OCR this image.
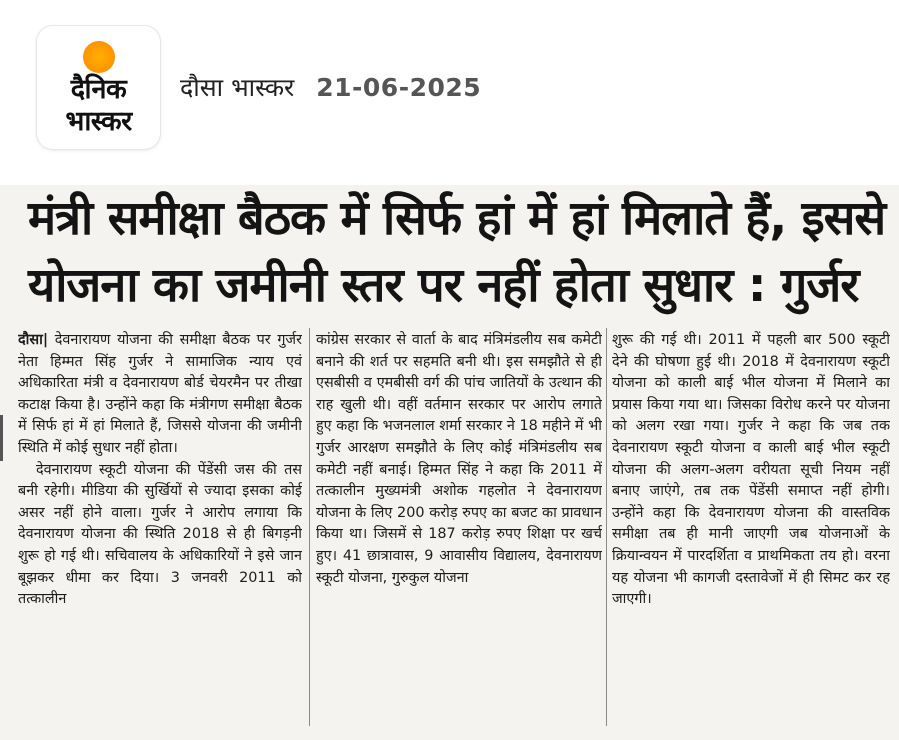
दैनिक
भास्कर
दौसा भास्कर 21-06-2025
मंत्री समीक्षा बैठक में सिर्फ हां में हां मिलाते हैं, इससे
योजना का जमीनी स्तर पर नहीं होता सुधार : गुर्जर

दौसा| देवनारायण योजना की समीक्षा बैठक पर गुर्जर नेता हिम्मत सिंह गुर्जर ने सामाजिक न्याय एवं अधिकारिता मंत्री व देवनारायण बोर्ड चेयरमैन पर तीखा कटाक्ष किया है। उन्होंने कहा कि मंत्रीगण समीक्षा बैठक में सिर्फ हां में हां मिलाते हैं, जिससे योजना की जमीनी स्थिति में कोई सुधार नहीं होता।

देवनारायण स्कूटी योजना की पेंडेंसी जस की तस बनी रहेगी। मीडिया की सुर्खियों से ज्यादा इसका कोई असर नहीं होने वाला। गुर्जर ने आरोप लगाया कि देवनारायण योजना की स्थिति 2018 से ही बिगड़नी शुरू हो गई थी। सचिवालय के अधिकारियों ने इसे जान बूझकर धीमा कर दिया। 3 जनवरी 2011 को तत्कालीन

कांग्रेस सरकार से वार्ता के बाद मंत्रिमंडलीय सब कमेटी बनाने की शर्त पर सहमति बनी थी। इस समझौते से ही एसबीसी व एमबीसी वर्ग की पांच जातियों के उत्थान की राह खुली थी। वहीं वर्तमान सरकार पर आरोप लगाते हुए कहा कि भजनलाल शर्मा सरकार ने 18 महीने में भी गुर्जर आरक्षण समझौते के लिए कोई मंत्रिमंडलीय सब कमेटी नहीं बनाई। हिम्मत सिंह ने कहा कि 2011 में तत्कालीन मुख्यमंत्री अशोक गहलोत ने देवनारायण योजना के लिए 200 करोड़ रुपए का बजट का प्रावधान किया था। जिसमें से 187 करोड़ रुपए शिक्षा पर खर्च हुए। 41 छात्रावास, 9 आवासीय विद्यालय, देवनारायण स्कूटी योजना, गुरुकुल योजना

शुरू की गई थी। 2011 में पहली बार 500 स्कूटी देने की घोषणा हुई थी। 2018 में देवनारायण स्कूटी योजना को काली बाई भील योजना में मिलाने का प्रयास किया गया था। जिसका विरोध करने पर योजना को अलग रखा गया। गुर्जर ने कहा कि जब तक देवनारायण स्कूटी योजना व काली बाई भील स्कूटी योजना की अलग-अलग वरीयता सूची नियम नहीं बनाए जाएंगे, तब तक पेंडेंसी समाप्त नहीं होगी। उन्होंने कहा कि देवनारायण योजना की वास्तविक समीक्षा तब ही मानी जाएगी जब योजनाओं के क्रियान्वयन में पारदर्शिता व प्राथमिकता तय हो। वरना यह योजना भी कागजी दस्तावेजों में ही सिमट कर रह जाएगी।
